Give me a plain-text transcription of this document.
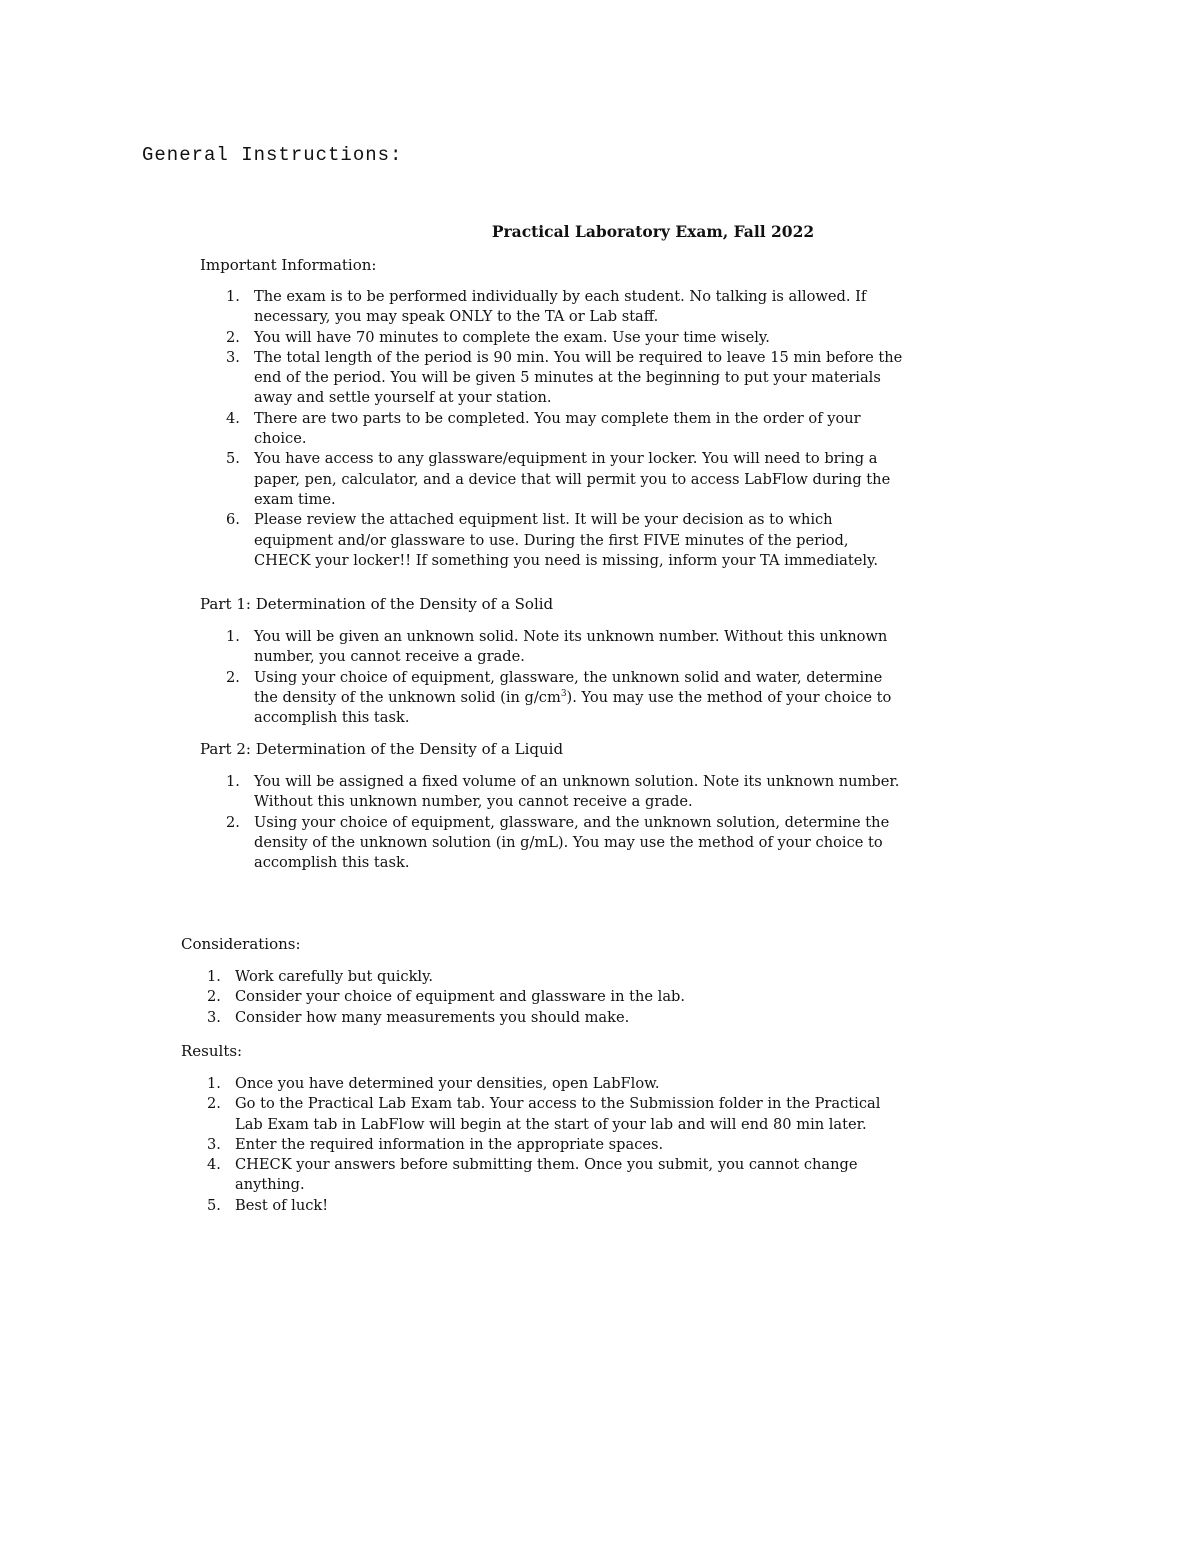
General Instructions:
Practical Laboratory Exam, Fall 2022
Important Information:
1. The exam is to be performed individually by each student. No talking is allowed. If necessary, you may speak ONLY to the TA or Lab staff.
2. You will have 70 minutes to complete the exam. Use your time wisely.
3. The total length of the period is 90 min. You will be required to leave 15 min before the end of the period. You will be given 5 minutes at the beginning to put your materials away and settle yourself at your station.
4. There are two parts to be completed. You may complete them in the order of your choice.
5. You have access to any glassware/equipment in your locker. You will need to bring a paper, pen, calculator, and a device that will permit you to access LabFlow during the exam time.
6. Please review the attached equipment list. It will be your decision as to which equipment and/or glassware to use. During the first FIVE minutes of the period, CHECK your locker!! If something you need is missing, inform your TA immediately.
Part 1: Determination of the Density of a Solid
1. You will be given an unknown solid. Note its unknown number. Without this unknown number, you cannot receive a grade.
2. Using your choice of equipment, glassware, the unknown solid and water, determine the density of the unknown solid (in $g/cm^3$). You may use the method of your choice to accomplish this task.
Part 2: Determination of the Density of a Liquid
1. You will be assigned a fixed volume of an unknown solution. Note its unknown number. Without this unknown number, you cannot receive a grade.
2. Using your choice of equipment, glassware, and the unknown solution, determine the density of the unknown solution (in g/mL). You may use the method of your choice to accomplish this task.
Considerations:
1. Work carefully but quickly.
2. Consider your choice of equipment and glassware in the lab.
3. Consider how many measurements you should make.
Results:
1. Once you have determined your densities, open LabFlow.
2. Go to the Practical Lab Exam tab. Your access to the Submission folder in the Practical Lab Exam tab in LabFlow will begin at the start of your lab and will end 80 min later.
3. Enter the required information in the appropriate spaces.
4. CHECK your answers before submitting them. Once you submit, you cannot change anything.
5. Best of luck!
